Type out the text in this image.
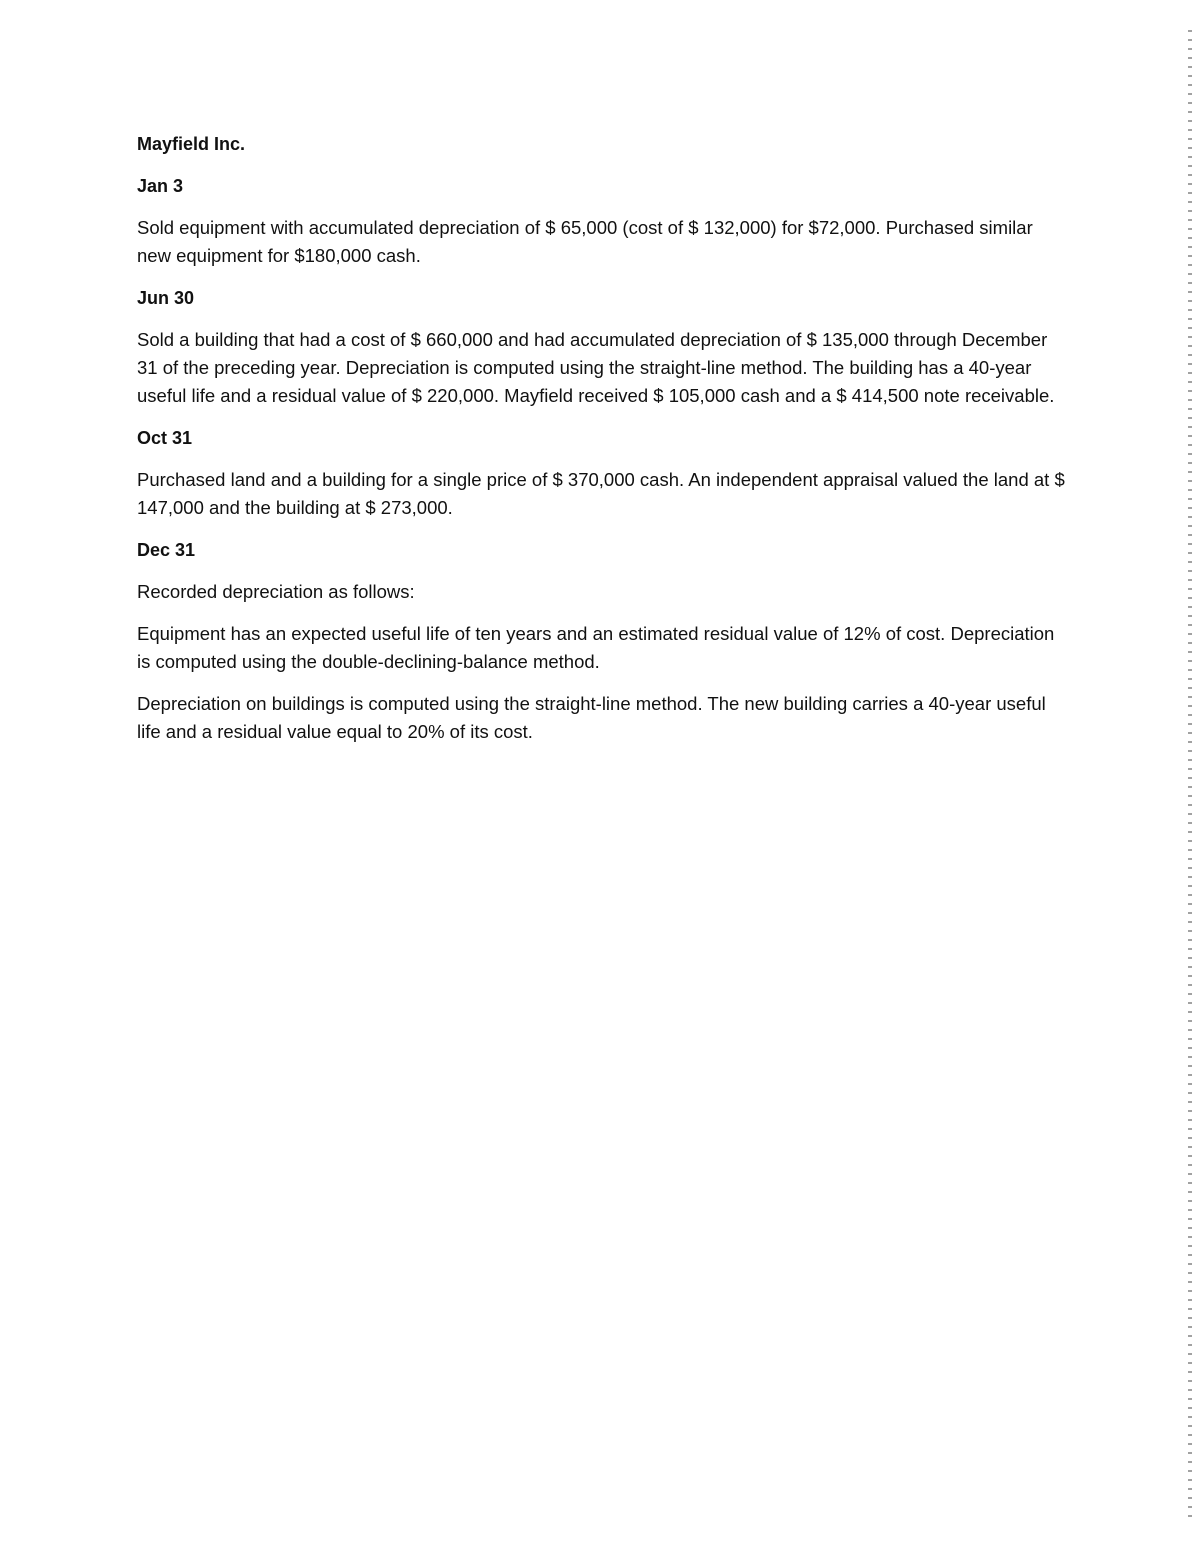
Mayfield Inc.
Jan 3
Sold equipment with accumulated depreciation of $ 65,000 (cost of $ 132,000) for $72,000. Purchased similar new equipment for $180,000 cash.
Jun 30
Sold a building that had a cost of $ 660,000 and had accumulated depreciation of $ 135,000 through December 31 of the preceding year. Depreciation is computed using the straight-line method. The building has a 40-year useful life and a residual value of $ 220,000. Mayfield received $ 105,000 cash and a $ 414,500 note receivable.
Oct 31
Purchased land and a building for a single price of $ 370,000 cash. An independent appraisal valued the land at $ 147,000 and the building at $ 273,000.
Dec 31
Recorded depreciation as follows:
Equipment has an expected useful life of ten years and an estimated residual value of 12% of cost. Depreciation is computed using the double-declining-balance method.
Depreciation on buildings is computed using the straight-line method. The new building carries a 40-year useful life and a residual value equal to 20% of its cost.
